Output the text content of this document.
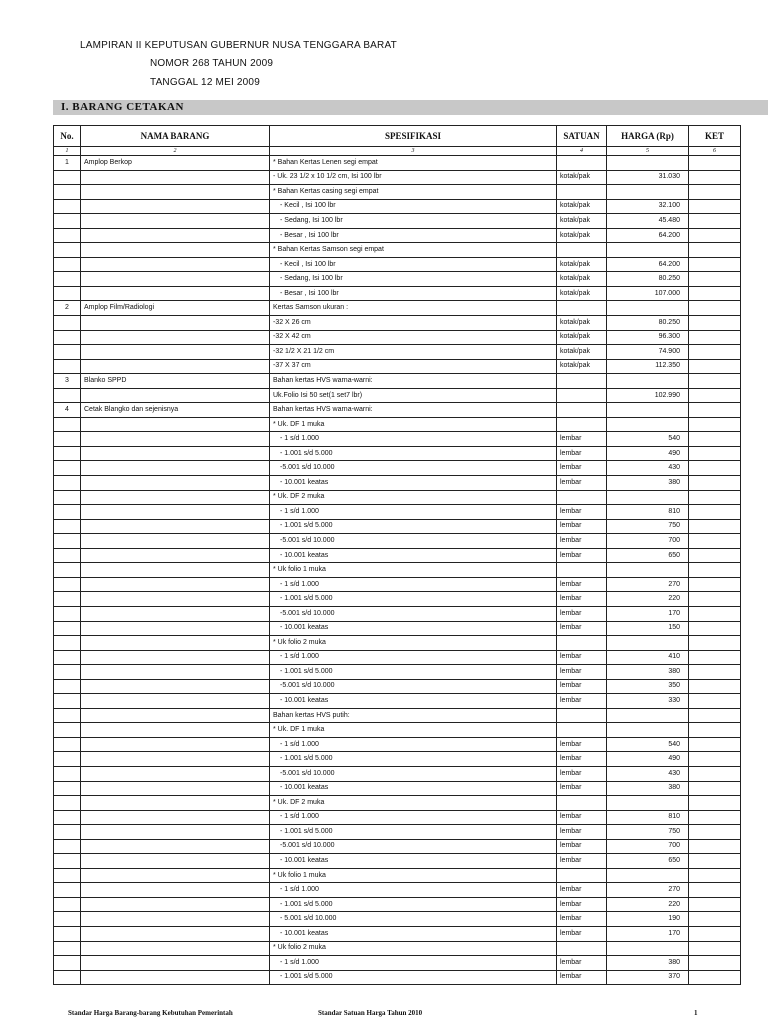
LAMPIRAN II KEPUTUSAN GUBERNUR NUSA TENGGARA BARAT
NOMOR 268 TAHUN 2009
TANGGAL 12 MEI 2009
I. BARANG CETAKAN
No.	NAMA BARANG	SPESIFIKASI	SATUAN	HARGA (Rp)	KET
1	2	3	4	5	6
1	Amplop Berkop	* Bahan Kertas Lenen segi empat			
		- Uk. 23 1/2 x 10 1/2 cm, Isi 100 lbr	kotak/pak	31.030	
		* Bahan Kertas casing segi empat			
		- Kecil , Isi 100 lbr	kotak/pak	32.100	
		- Sedang, Isi 100 lbr	kotak/pak	45.480	
		- Besar , Isi 100 lbr	kotak/pak	64.200	
		* Bahan Kertas Samson segi empat			
		- Kecil , Isi 100 lbr	kotak/pak	64.200	
		- Sedang, Isi 100 lbr	kotak/pak	80.250	
		- Besar , Isi 100 lbr	kotak/pak	107.000	
2	Amplop Film/Radiologi	Kertas Samson ukuran :			
		-32 X 26 cm	kotak/pak	80.250	
		-32 X 42 cm	kotak/pak	96.300	
		-32 1/2 X 21 1/2 cm	kotak/pak	74.900	
		-37 X 37 cm	kotak/pak	112.350	
3	Blanko SPPD	Bahan kertas HVS warna-warni:			
		Uk.Folio Isi 50 set(1 set7 lbr)		102.990	
4	Cetak Blangko dan sejenisnya	Bahan kertas HVS warna-warni:			
		* Uk. DF 1 muka			
		- 1 s/d 1.000	lembar	540	
		- 1.001 s/d 5.000	lembar	490	
		-5.001 s/d 10.000	lembar	430	
		- 10.001 keatas	lembar	380	
		* Uk. DF 2 muka			
		- 1 s/d 1.000	lembar	810	
		- 1.001 s/d 5.000	lembar	750	
		-5.001 s/d 10.000	lembar	700	
		- 10.001 keatas	lembar	650	
		* Uk folio 1 muka			
		- 1 s/d 1.000	lembar	270	
		- 1.001 s/d 5.000	lembar	220	
		-5.001 s/d 10.000	lembar	170	
		- 10.001 keatas	lembar	150	
		* Uk folio 2 muka			
		- 1 s/d 1.000	lembar	410	
		- 1.001 s/d 5.000	lembar	380	
		-5.001 s/d 10.000	lembar	350	
		- 10.001 keatas	lembar	330	
		Bahan kertas HVS putih:			
		* Uk. DF 1 muka			
		- 1 s/d 1.000	lembar	540	
		- 1.001 s/d 5.000	lembar	490	
		-5.001 s/d 10.000	lembar	430	
		- 10.001 keatas	lembar	380	
		* Uk. DF 2 muka			
		- 1 s/d 1.000	lembar	810	
		- 1.001 s/d 5.000	lembar	750	
		-5.001 s/d 10.000	lembar	700	
		- 10.001 keatas	lembar	650	
		* Uk folio 1 muka			
		- 1 s/d 1.000	lembar	270	
		- 1.001 s/d 5.000	lembar	220	
		- 5.001 s/d 10.000	lembar	190	
		- 10.001 keatas	lembar	170	
		* Uk folio 2 muka			
		- 1 s/d 1.000	lembar	380	
		- 1.001 s/d 5.000	lembar	370	
Standar Harga Barang-barang Kebutuhan Pemerintah	Standar Satuan Harga Tahun 2010	1
